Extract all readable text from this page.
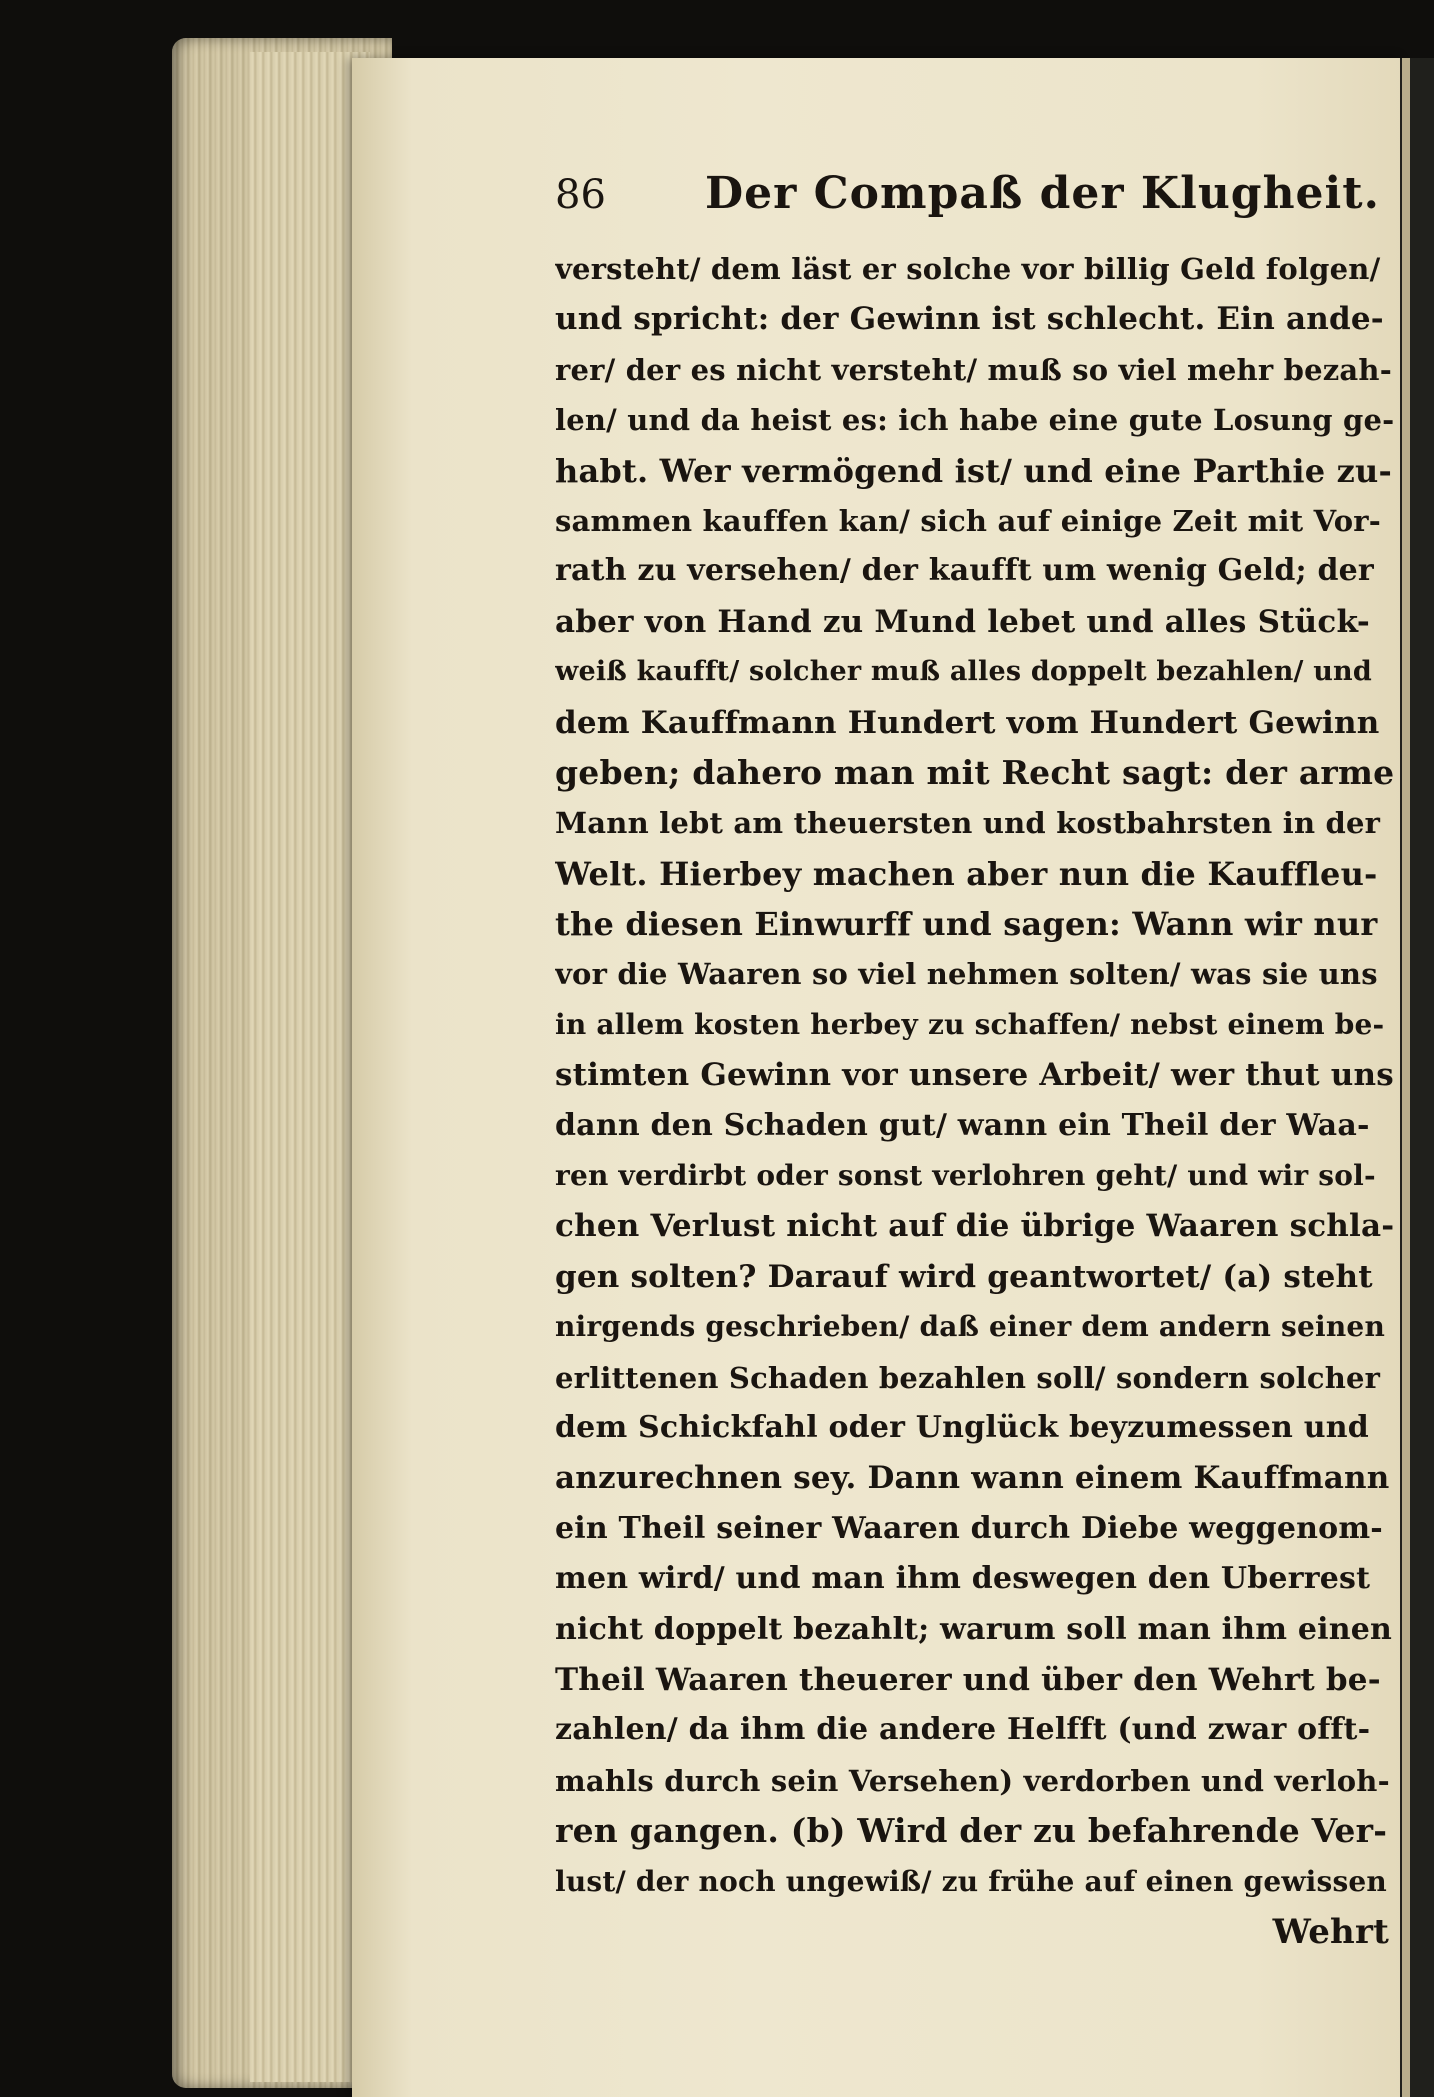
86	Der Compaß der Klugheit.
versteht/ dem läst er solche vor billig Geld folgen/
und spricht: der Gewinn ist schlecht. Ein ande-
rer/ der es nicht versteht/ muß so viel mehr bezah-
len/ und da heist es: ich habe eine gute Losung ge-
habt. Wer vermögend ist/ und eine Parthie zu-
sammen kauffen kan/ sich auf einige Zeit mit Vor-
rath zu versehen/ der kaufft um wenig Geld; der
aber von Hand zu Mund lebet und alles Stück-
weiß kaufft/ solcher muß alles doppelt bezahlen/ und
dem Kauffmann Hundert vom Hundert Gewinn
geben; dahero man mit Recht sagt: der arme
Mann lebt am theuersten und kostbahrsten in der
Welt. Hierbey machen aber nun die Kauffleu-
the diesen Einwurff und sagen: Wann wir nur
vor die Waaren so viel nehmen solten/ was sie uns
in allem kosten herbey zu schaffen/ nebst einem be-
stimten Gewinn vor unsere Arbeit/ wer thut uns
dann den Schaden gut/ wann ein Theil der Waa-
ren verdirbt oder sonst verlohren geht/ und wir sol-
chen Verlust nicht auf die übrige Waaren schla-
gen solten? Darauf wird geantwortet/ (a) steht
nirgends geschrieben/ daß einer dem andern seinen
erlittenen Schaden bezahlen soll/ sondern solcher
dem Schickfahl oder Unglück beyzumessen und
anzurechnen sey. Dann wann einem Kauffmann
ein Theil seiner Waaren durch Diebe weggenom-
men wird/ und man ihm deswegen den Uberrest
nicht doppelt bezahlt; warum soll man ihm einen
Theil Waaren theuerer und über den Wehrt be-
zahlen/ da ihm die andere Helfft (und zwar offt-
mahls durch sein Versehen) verdorben und verloh-
ren gangen. (b) Wird der zu befahrende Ver-
lust/ der noch ungewiß/ zu frühe auf einen gewissen
Wehrt
